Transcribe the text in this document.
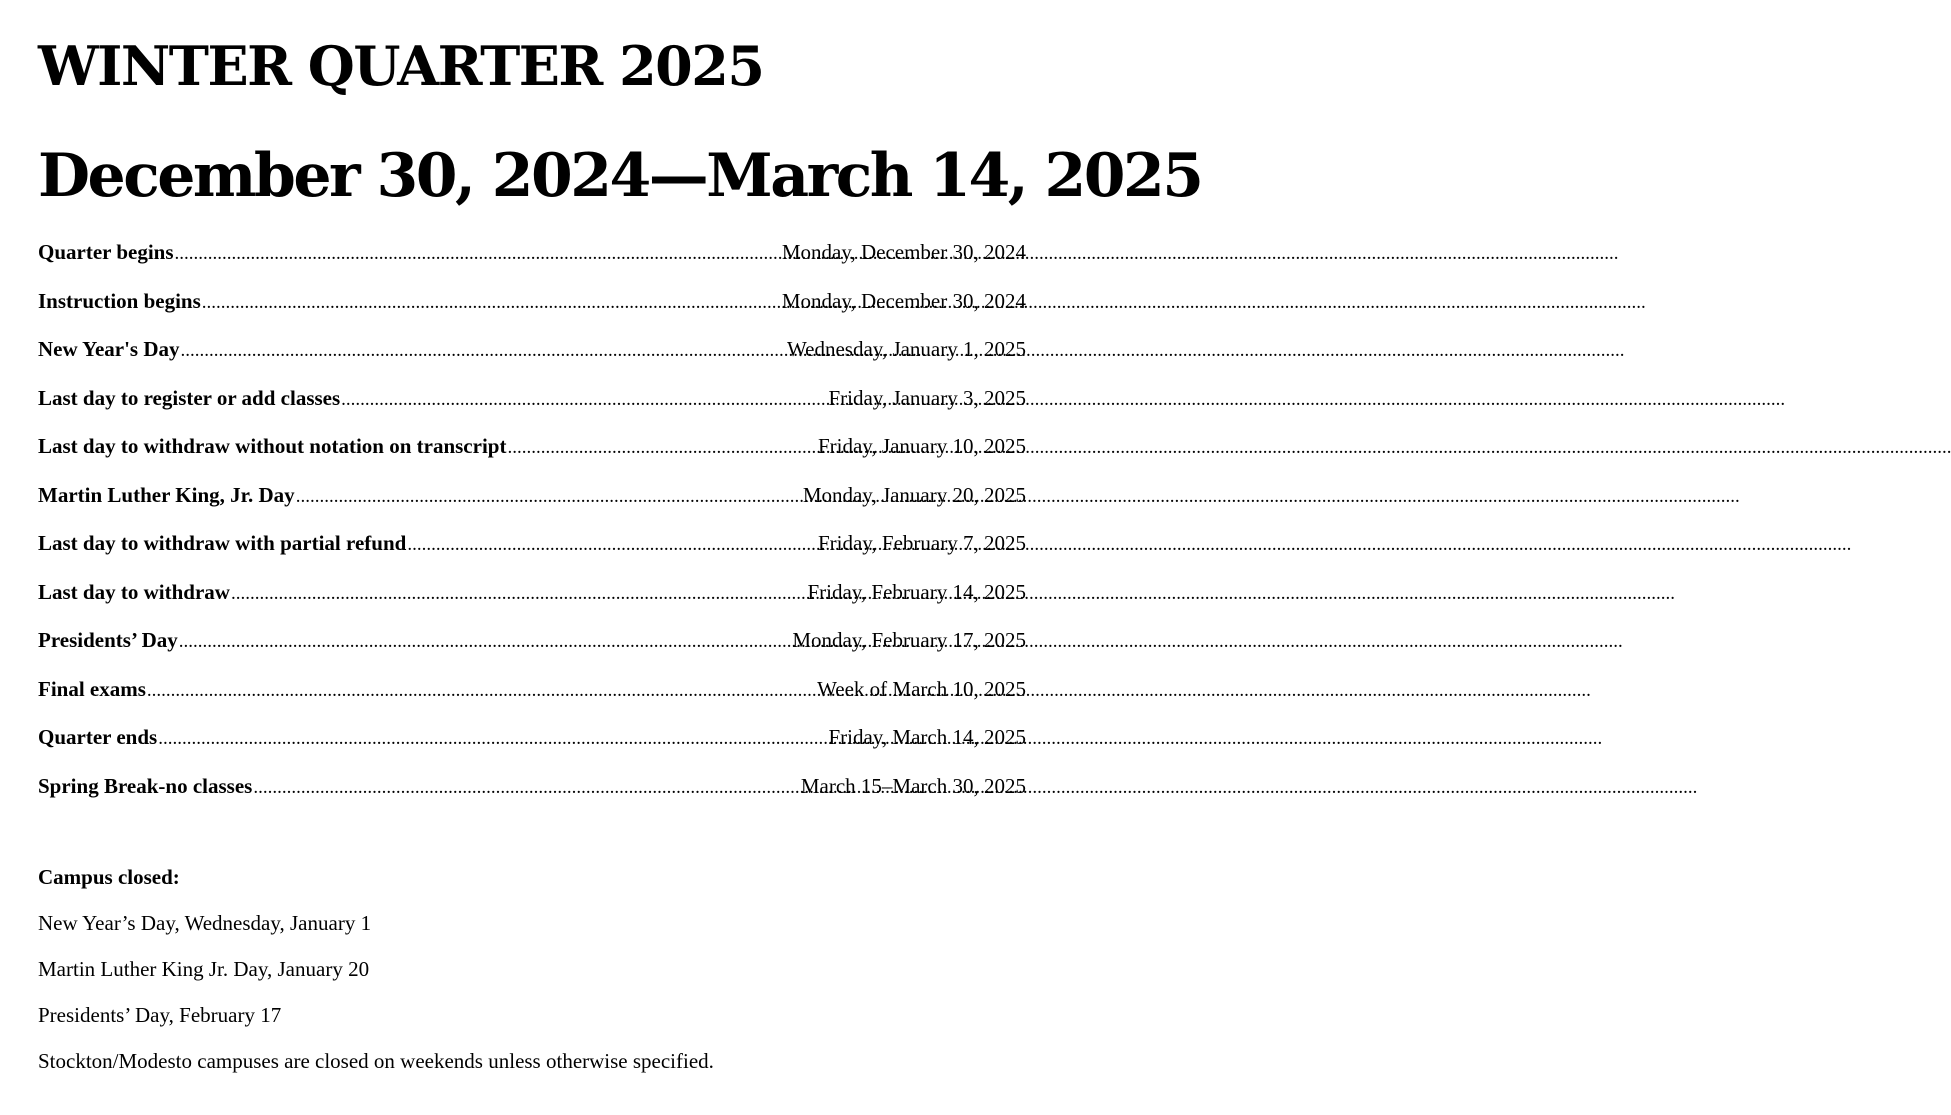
WINTER QUARTER 2025
December 30, 2024—March 14, 2025
Quarter begins .....	Monday, December 30, 2024
Instruction begins .....	Monday, December 30, 2024
New Year's Day .....	Wednesday, January 1, 2025
Last day to register or add classes .....	Friday, January 3, 2025
Last day to withdraw without notation on transcript .....	Friday, January 10, 2025
Martin Luther King, Jr. Day .....	Monday, January 20, 2025
Last day to withdraw with partial refund .....	Friday, February 7, 2025
Last day to withdraw .....	Friday, February 14, 2025
Presidents’ Day .....	Monday, February 17, 2025
Final exams .....	Week of March 10, 2025
Quarter ends .....	Friday, March 14, 2025
Spring Break-no classes .....	March 15–March 30, 2025
Campus closed:
New Year’s Day, Wednesday, January 1
Martin Luther King Jr. Day, January 20
Presidents’ Day, February 17
Stockton/Modesto campuses are closed on weekends unless otherwise specified.
